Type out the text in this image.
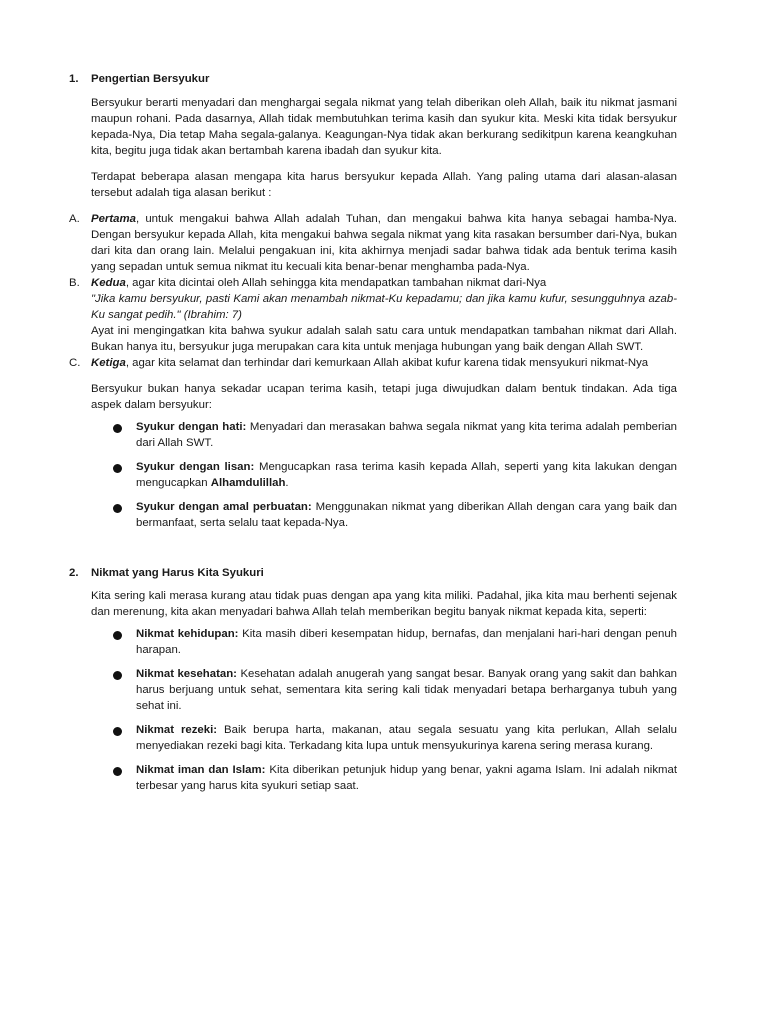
1.	Pengertian Bersyukur

Bersyukur berarti menyadari dan menghargai segala nikmat yang telah diberikan oleh Allah, baik itu nikmat jasmani maupun rohani. Pada dasarnya, Allah tidak membutuhkan terima kasih dan syukur kita. Meski kita tidak bersyukur kepada-Nya, Dia tetap Maha segala-galanya. Keagungan-Nya tidak akan berkurang sedikitpun karena keangkuhan kita, begitu juga tidak akan bertambah karena ibadah dan syukur kita.

Terdapat beberapa alasan mengapa kita harus bersyukur kepada Allah. Yang paling utama dari alasan-alasan tersebut adalah tiga alasan berikut :

A. Pertama, untuk mengakui bahwa Allah adalah Tuhan, dan mengakui bahwa kita hanya sebagai hamba-Nya. Dengan bersyukur kepada Allah, kita mengakui bahwa segala nikmat yang kita rasakan bersumber dari-Nya, bukan dari kita dan orang lain. Melalui pengakuan ini, kita akhirnya menjadi sadar bahwa tidak ada bentuk terima kasih yang sepadan untuk semua nikmat itu kecuali kita benar-benar menghamba pada-Nya.

B. Kedua, agar kita dicintai oleh Allah sehingga kita mendapatkan tambahan nikmat dari-Nya

"Jika kamu bersyukur, pasti Kami akan menambah nikmat-Ku kepadamu; dan jika kamu kufur, sesungguhnya azab-Ku sangat pedih." (Ibrahim: 7)

Ayat ini mengingatkan kita bahwa syukur adalah salah satu cara untuk mendapatkan tambahan nikmat dari Allah. Bukan hanya itu, bersyukur juga merupakan cara kita untuk menjaga hubungan yang baik dengan Allah SWT.

C. Ketiga, agar kita selamat dan terhindar dari kemurkaan Allah akibat kufur karena tidak mensyukuri nikmat-Nya

Bersyukur bukan hanya sekadar ucapan terima kasih, tetapi juga diwujudkan dalam bentuk tindakan. Ada tiga aspek dalam bersyukur:

Syukur dengan hati: Menyadari dan merasakan bahwa segala nikmat yang kita terima adalah pemberian dari Allah SWT.
Syukur dengan lisan: Mengucapkan rasa terima kasih kepada Allah, seperti yang kita lakukan dengan mengucapkan Alhamdulillah.
Syukur dengan amal perbuatan: Menggunakan nikmat yang diberikan Allah dengan cara yang baik dan bermanfaat, serta selalu taat kepada-Nya.
2.	Nikmat yang Harus Kita Syukuri

Kita sering kali merasa kurang atau tidak puas dengan apa yang kita miliki. Padahal, jika kita mau berhenti sejenak dan merenung, kita akan menyadari bahwa Allah telah memberikan begitu banyak nikmat kepada kita, seperti:

Nikmat kehidupan: Kita masih diberi kesempatan hidup, bernafas, dan menjalani hari-hari dengan penuh harapan.
Nikmat kesehatan: Kesehatan adalah anugerah yang sangat besar. Banyak orang yang sakit dan bahkan harus berjuang untuk sehat, sementara kita sering kali tidak menyadari betapa berharganya tubuh yang sehat ini.
Nikmat rezeki: Baik berupa harta, makanan, atau segala sesuatu yang kita perlukan, Allah selalu menyediakan rezeki bagi kita. Terkadang kita lupa untuk mensyukurinya karena sering merasa kurang.
Nikmat iman dan Islam: Kita diberikan petunjuk hidup yang benar, yakni agama Islam. Ini adalah nikmat terbesar yang harus kita syukuri setiap saat.
